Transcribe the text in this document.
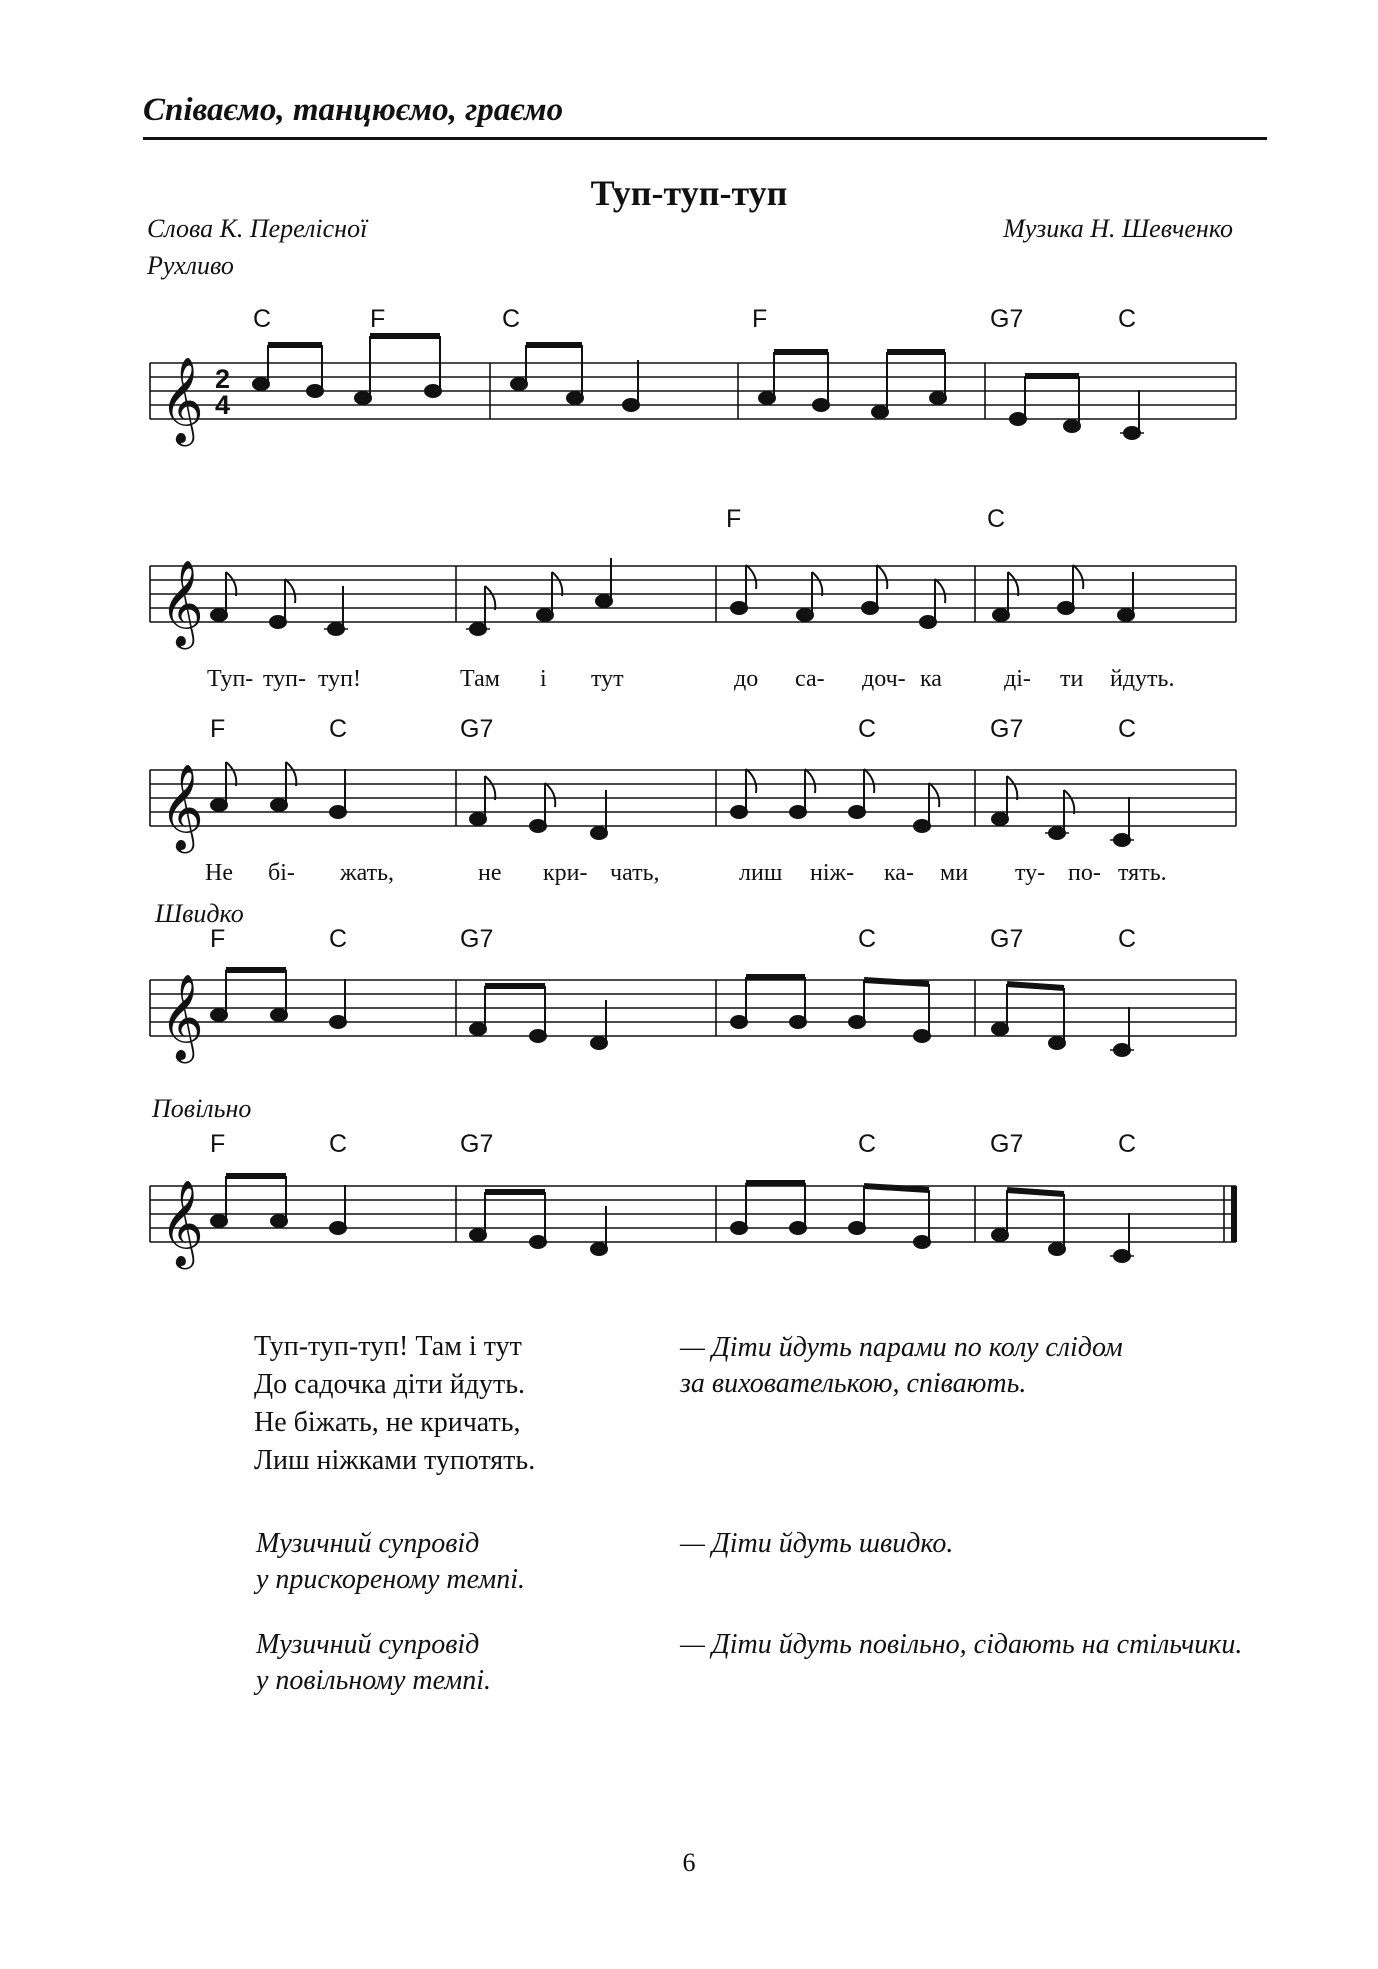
Співаємо, танцюємо, граємо
Туп-туп-туп
Слова К. Перелісної	Музика Н. Шевченко
Рухливо
C	F	C	F	G7	C
𝄞 2
4
𝄞
𝄞
𝄞
𝄞
F	C
Туп- туп- туп!	Там і тут	до са- доч- ка	ді- ти йдуть.
F	C	G7	C	G7	C
Не бі- жать,	не кри- чать,	лиш ніж- ка- ми ту- по- тять.
Швидко
F	C	G7	C	G7	C
Повільно
F	C	G7	C	G7	C
Туп-туп-туп! Там і тут
До садочка діти йдуть.
Не біжать, не кричать,
Лиш ніжками тупотять.
— Діти йдуть парами по колу слідом
за вихователькою, співають.
Музичний супровід
у прискореному темпі.
— Діти йдуть швидко.
Музичний супровід
у повільному темпі.
— Діти йдуть повільно, сідають на стільчики.
6
